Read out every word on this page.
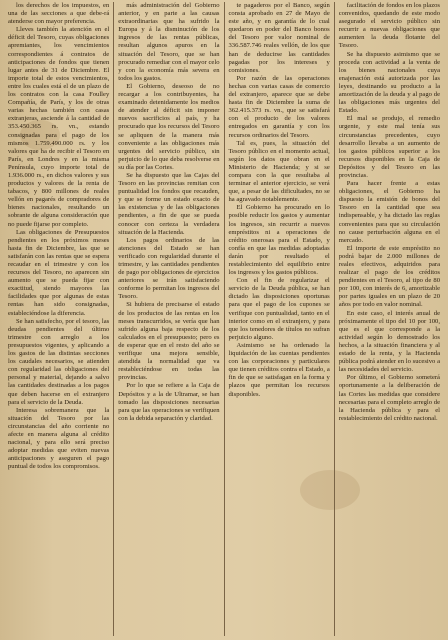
los derechos de los impuestos, en una de las secciones a que debe-rá atenderse con mayor preferencia.

Lleves también la atención en el déficit del Tesoro, cuyas obligaciones apremiantes, los vencimientos correspondientes á contratos de anticipaciones de fondos que tienen lugar antes de 31 de Diciembre. El importe total de estos vencimientos, entre los cuales está el de un plazo de los contratos con la casa Foulley Compañía, de París, y los de otras varias hechas también con casas extranjeras, asciende á la cantidad de 353.450.365 rs. vn., estando consignadas para el pago de los mismos 1.759.490.000 rs. y los valores que ha de recibir el Tesoro en París, en Londres y en la misma Península, cuyo importe total de 1.936.000 rs., en dichos valores y sus productos y valores de la renta de tabacos, y 800 millones de reales vellón en pagarés de compradores de bienes nacionales, resultando un sobrante de alguna consideración que no puede fijarse por completo.

Las obligaciones de Presupuestos pendientes en los próximos meses hasta fin de Diciembre, las que se satisfarán con las rentas que se espera recaudar en el trimestre y con los recursos del Tesoro, no aparecen sin aumento que se pueda fijar con exactitud, siendo mayores las facilidades que por algunas de estas rentas han sido consignadas, estableciéndose la diferencia.

Se han satisfecho, por el tesoro, las deudas pendientes del último trimestre con arreglo a los presupuestos vigentes, y aplicando a los gastos de las distintas secciones los caudales necesarios, se atienden con regularidad las obligaciones del personal y material, dejando a salvo las cantidades destinadas a los pagos que deben hacerse en el extranjero para el servicio de la Deuda.

Interesa sobremanera que la situación del Tesoro por las circunstancias del año corriente no afecte en manera alguna al crédito nacional, y para ello será preciso adoptar medidas que eviten nuevas anticipaciones y aseguren el pago puntual de todos los compromisos.

más administración del Gobierno anterior, y en parte a las causas extraordinarias que ha sufrido la Europa y á la disminución de los ingresos de las rentas públicas, resultan algunos apuros en la situación del Tesoro, que se han procurado remediar con el mayor celo y con la economía más severa en todos los gastos.

El Gobierno, deseoso de no recargar a los contribuyentes, ha examinado detenidamente los medios de atender al déficit sin imponer nuevos sacrificios al país, y ha procurado que los recursos del Tesoro se apliquen de la manera más conveniente a las obligaciones más urgentes del servicio público, sin perjuicio de lo que deba resolverse en su día por las Cortes.

Se ha dispuesto que las Cajas del Tesoro en las provincias remitan con puntualidad los fondos que recauden, y que se forme un estado exacto de las existencias y de las obligaciones pendientes, a fin de que se pueda conocer con certeza la verdadera situación de la Hacienda.

Los pagos ordinarios de las atenciones del Estado se han verificado con regularidad durante el trimestre, y las cantidades pendientes de pago por obligaciones de ejercicios anteriores se irán satisfaciendo conforme lo permitan los ingresos del Tesoro.

Si hubiera de precisarse el estado de los productos de las rentas en los meses transcurridos, se vería que han sufrido alguna baja respecto de los calculados en el presupuesto; pero es de esperar que en el resto del año se verifique una mejora sensible, atendida la normalidad que va restableciéndose en todas las provincias.

Por lo que se refiere a la Caja de Depósitos y a la de Ultramar, se han tomado las disposiciones necesarias para que las operaciones se verifiquen con la debida separación y claridad.

te pagaderos por el Banco, según consta aprobado en 27 de Mayo de este año, y en garantía de lo cual quedaron en poder del Banco bonos del Tesoro por valor nominal de 336.587.746 reales vellón, de los que han de deducirse las cantidades pagadas por los intereses y comisiones.

Por razón de las operaciones hechas con varias casas de comercio del extranjero, aparece que se debe hasta fin de Diciembre la suma de 362.415.373 rs. vn., que se satisfará con el producto de los valores entregados en garantía y con los recursos ordinarios del Tesoro.

Tal es, pues, la situación del Tesoro público en el momento actual, según los datos que obran en el Ministerio de Hacienda; y si se compara con la que resultaba al terminar el anterior ejercicio, se verá que, a pesar de las dificultades, no se ha agravado notablemente.

El Gobierno ha procurado en lo posible reducir los gastos y aumentar los ingresos, sin recurrir a nuevos empréstitos ni a operaciones de crédito onerosas para el Estado, y confía en que las medidas adoptadas darán por resultado el restablecimiento del equilibrio entre los ingresos y los gastos públicos.

Con el fin de regularizar el servicio de la Deuda pública, se han dictado las disposiciones oportunas para que el pago de los cupones se verifique con puntualidad, tanto en el interior como en el extranjero, y para que los tenedores de títulos no sufran perjuicio alguno.

Asimismo se ha ordenado la liquidación de las cuentas pendientes con las corporaciones y particulares que tienen créditos contra el Estado, a fin de que se satisfagan en la forma y plazos que permitan los recursos disponibles.

facilitación de fondos en los plazos convenidos, quedando de este modo asegurado el servicio público sin recurrir a nuevas obligaciones que aumenten la deuda flotante del Tesoro.

Se ha dispuesto asimismo que se proceda con actividad a la venta de los bienes nacionales cuya enajenación está autorizada por las leyes, destinando su producto a la amortización de la deuda y al pago de las obligaciones más urgentes del Estado.

El mal se produjo, el remedio urgente, y este mal tenía sus circunstancias precedentes, cuyo desarrollo llevaba a un aumento de los gastos públicos superior a los recursos disponibles en la Caja de Depósitos y del Tesoro en las provincias.

Para hacer frente a estas obligaciones, el Gobierno ha dispuesto la emisión de bonos del Tesoro en la cantidad que sea indispensable, y ha dictado las reglas convenientes para que su circulación no cause perturbación alguna en el mercado.

El importe de este empréstito no podrá bajar de 2.000 millones de reales efectivos, adquiridos para realizar el pago de los créditos pendientes en el Tesoro, al tipo de 80 por 100, con interés de 6, amortizable por partes iguales en un plazo de 20 años por todo en valor nominal.

En este caso, el interés anual de próximamente el tipo del 10 por 100, que es el que corresponde a la actividad según lo demostrado los hechos, a la situación financiera y al estado de la renta, y la Hacienda pública podrá atender en lo sucesivo a las necesidades del servicio.

Por último, el Gobierno someterá oportunamente a la deliberación de las Cortes las medidas que considere necesarias para el completo arreglo de la Hacienda pública y para el restablecimiento del crédito nacional.
